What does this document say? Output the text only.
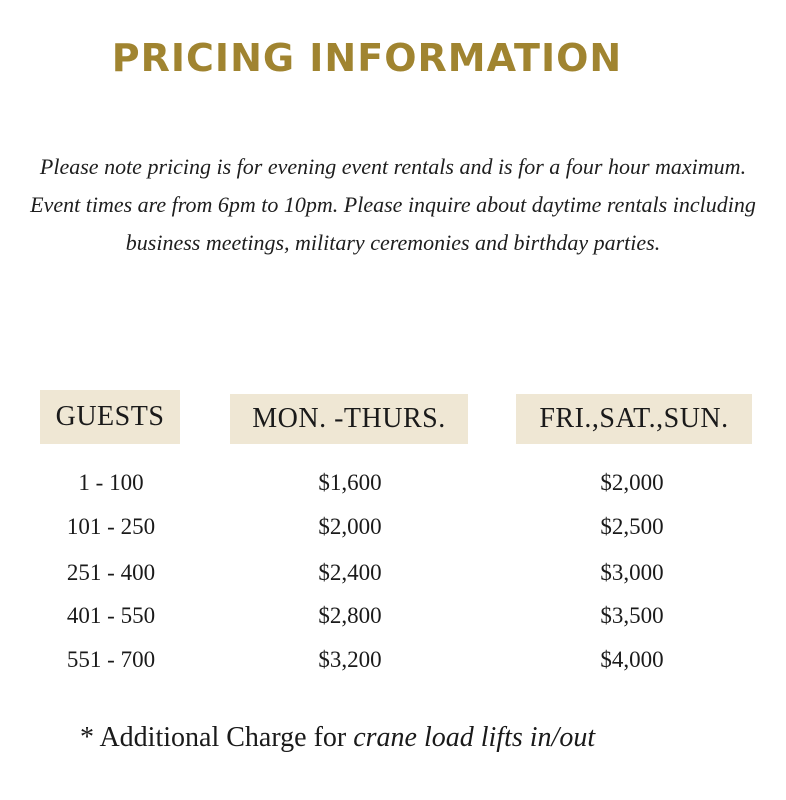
PRICING INFORMATION

Please note pricing is for evening event rentals and is for a four hour maximum. Event times are from 6pm to 10pm. Please inquire about daytime rentals including business meetings, military ceremonies and birthday parties.

GUESTS	MON. -THURS.	FRI.,SAT.,SUN.
1 - 100	$1,600	$2,000
101 - 250	$2,000	$2,500
251 - 400	$2,400	$3,000
401 - 550	$2,800	$3,500
551 - 700	$3,200	$4,000
* Additional Charge for crane load lifts in/out
